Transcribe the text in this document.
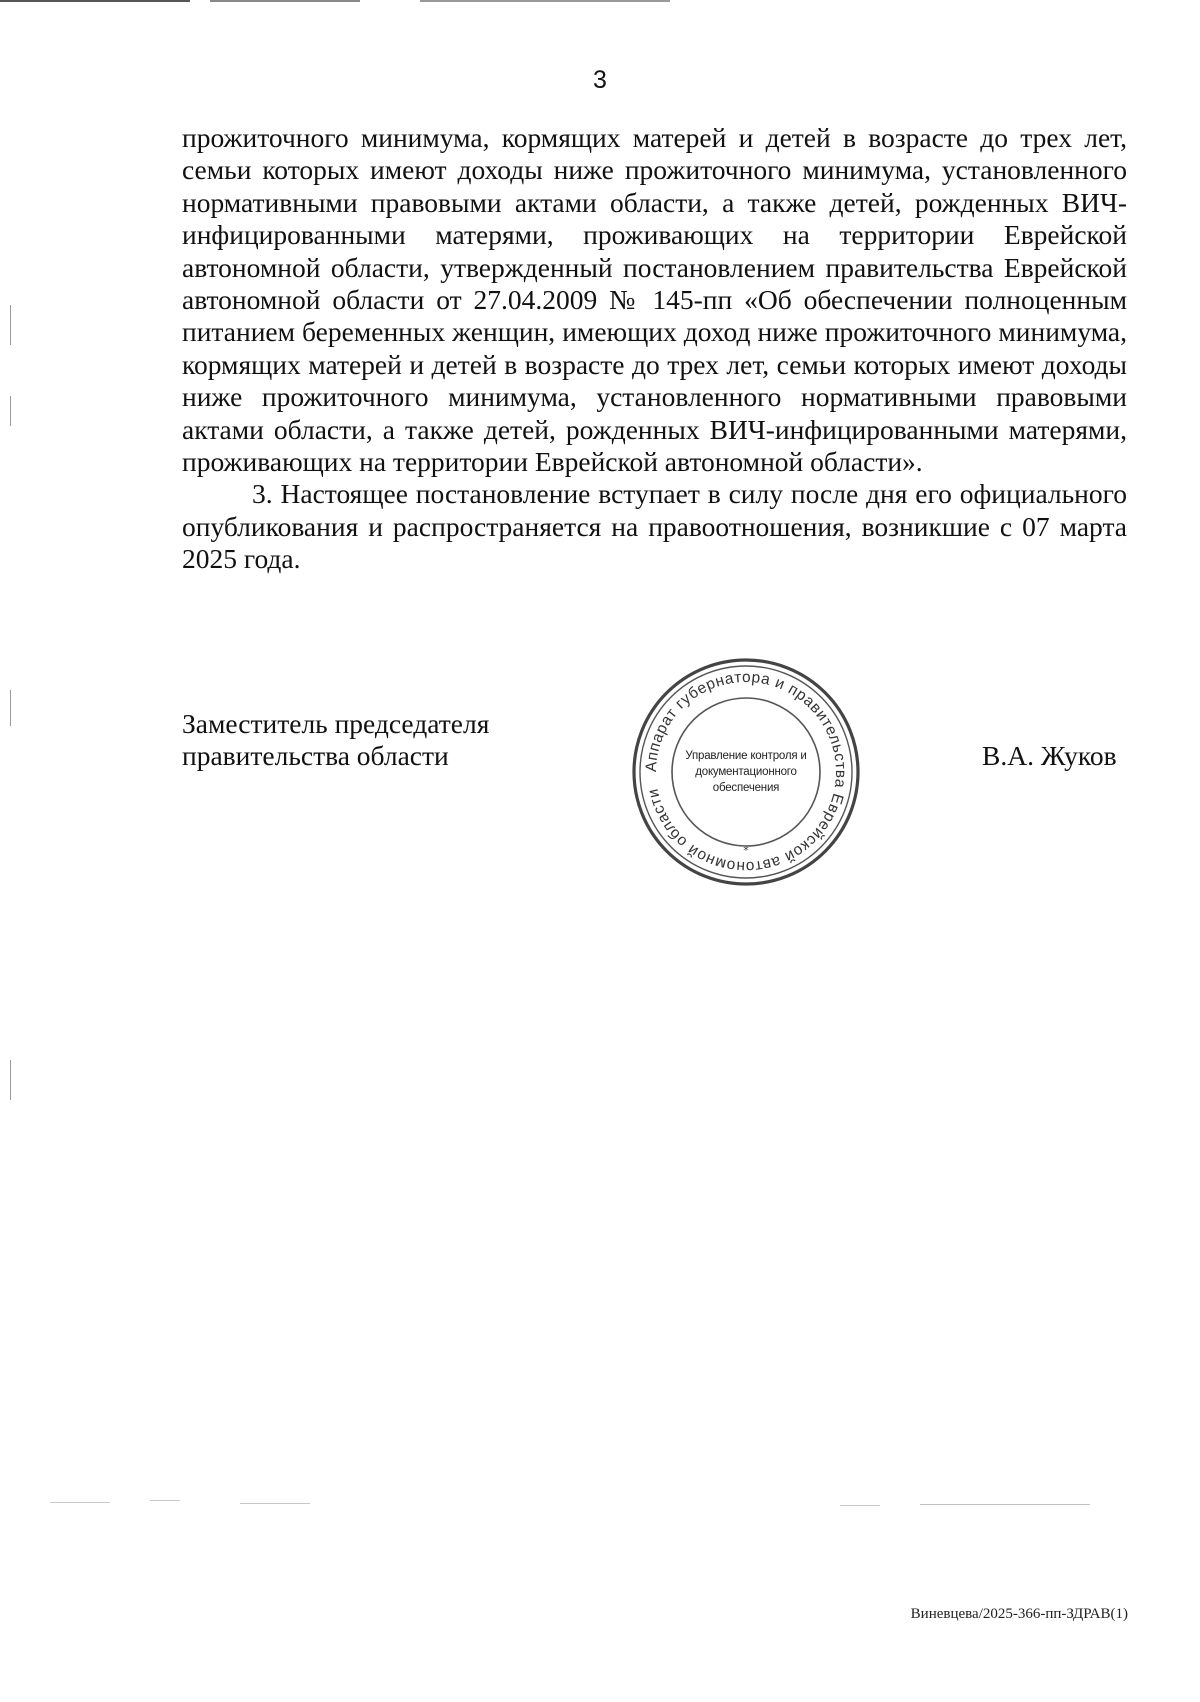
3

прожиточного минимума, кормящих матерей и детей в возрасте до трех лет, семьи которых имеют доходы ниже прожиточного минимума, установленного нормативными правовыми актами области, а также детей, рожденных ВИЧ-инфицированными матерями, проживающих на территории Еврейской автономной области, утвержденный постановлением правительства Еврейской автономной области от 27.04.2009 № 145-пп «Об обеспечении полноценным питанием беременных женщин, имеющих доход ниже прожиточного минимума, кормящих матерей и детей в возрасте до трех лет, семьи которых имеют доходы ниже прожиточного минимума, установленного нормативными правовыми актами области, а также детей, рожденных ВИЧ-инфицированными матерями, проживающих на территории Еврейской автономной области».

3. Настоящее постановление вступает в силу после дня его официального опубликования и распространяется на правоотношения, возникшие с 07 марта 2025 года.

Заместитель председателя
правительства области	Аппарат губернатора и правительства Еврейской автономной области
*
Управление контроля и
документационного
обеспечения
В.А. Жуков
Виневцева/2025-366-пп-ЗДРАВ(1)
